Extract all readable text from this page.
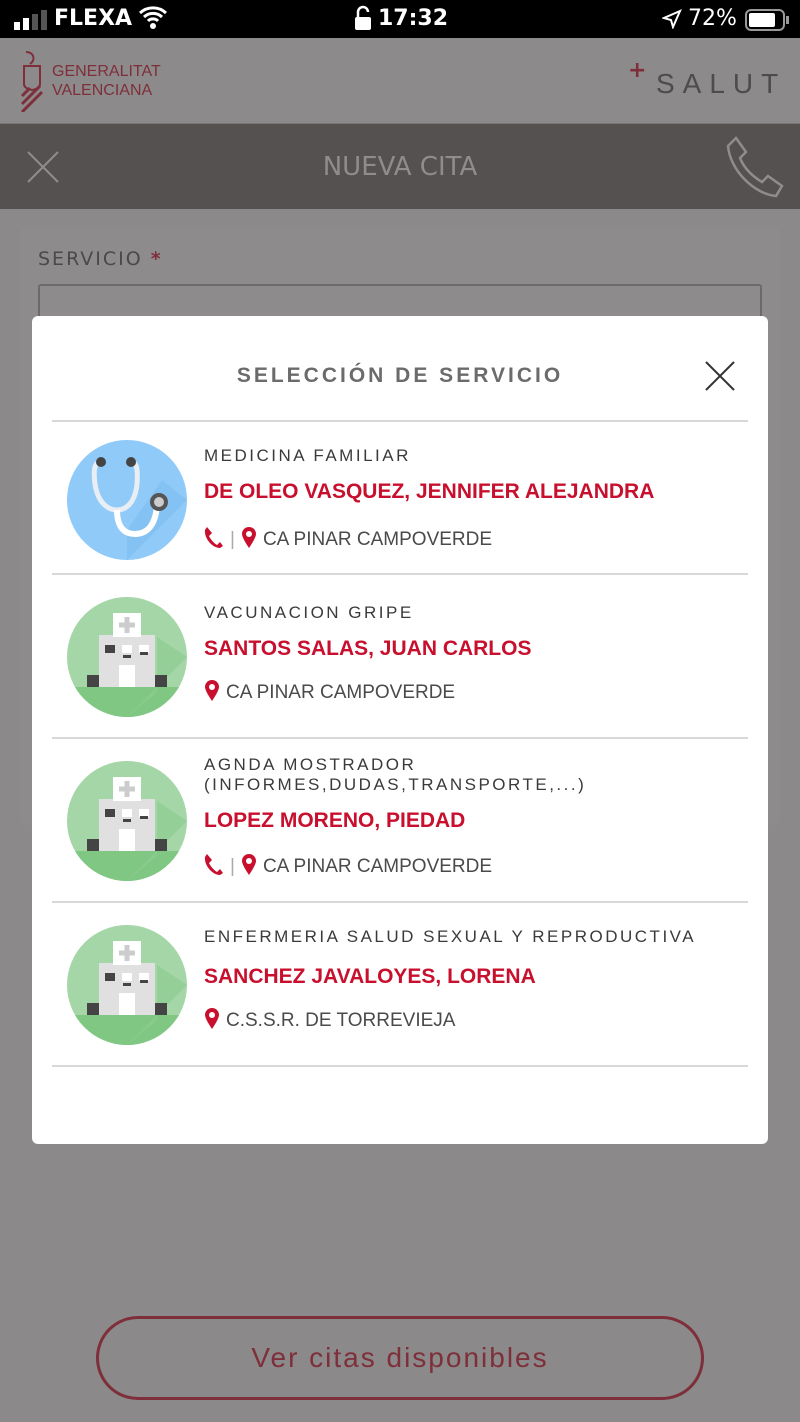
FLEXA	17:32	72%
GENERALITAT
VALENCIANA
+ SALUT
NUEVA CITA
SERVICIO *
Ver citas disponibles
SELECCIÓN DE SERVICIO
MEDICINA FAMILIAR
DE OLEO VASQUEZ, JENNIFER ALEJANDRA
| CA PINAR CAMPOVERDE
VACUNACION GRIPE
SANTOS SALAS, JUAN CARLOS
CA PINAR CAMPOVERDE
AGNDA MOSTRADOR (INFORMES,DUDAS,TRANSPORTE,...)
LOPEZ MORENO, PIEDAD
| CA PINAR CAMPOVERDE
ENFERMERIA SALUD SEXUAL Y REPRODUCTIVA
SANCHEZ JAVALOYES, LORENA
C.S.S.R. DE TORREVIEJA
